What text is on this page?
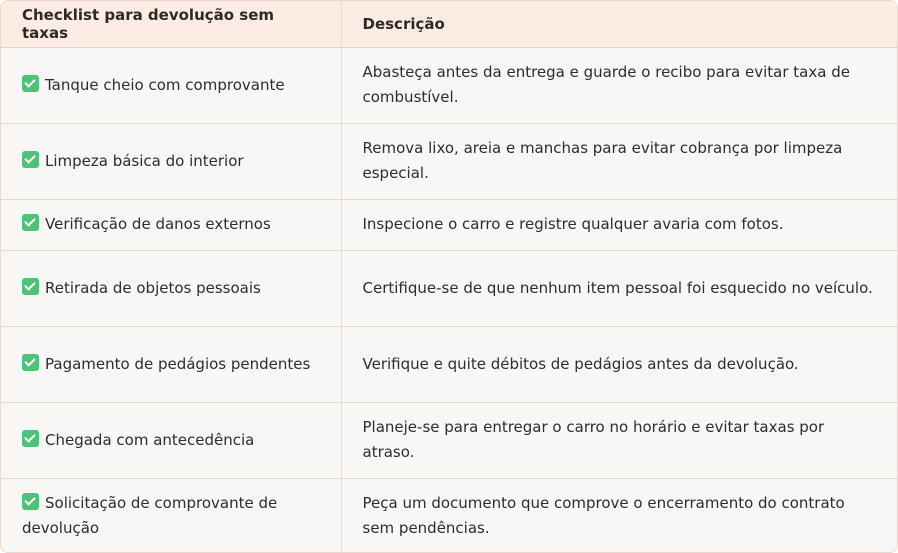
Checklist para devolução sem taxas	Descrição
Tanque cheio com comprovante	Abasteça antes da entrega e guarde o recibo para evitar taxa de combustível.
Limpeza básica do interior	Remova lixo, areia e manchas para evitar cobrança por limpeza especial.
Verificação de danos externos	Inspecione o carro e registre qualquer avaria com fotos.
Retirada de objetos pessoais	Certifique-se de que nenhum item pessoal foi esquecido no veículo.
Pagamento de pedágios pendentes	Verifique e quite débitos de pedágios antes da devolução.
Chegada com antecedência	Planeje-se para entregar o carro no horário e evitar taxas por atraso.
Solicitação de comprovante de devolução	Peça um documento que comprove o encerramento do contrato sem pendências.
